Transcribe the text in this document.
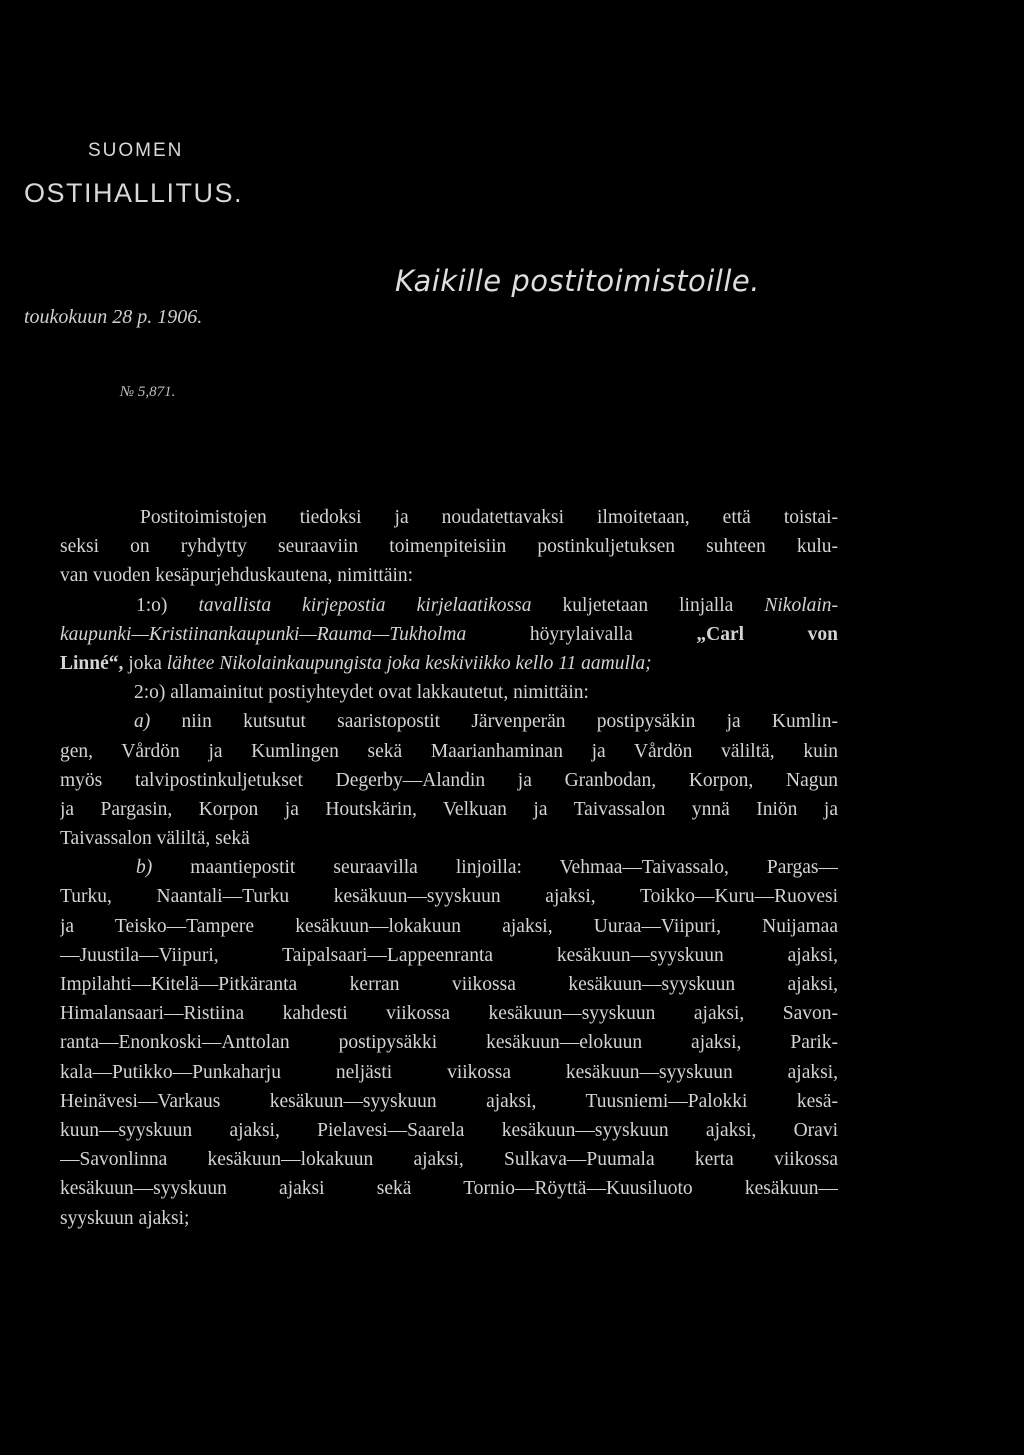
SUOMEN
OSTIHALLITUS.
Kaikille postitoimistoille.
toukokuun 28 p. 1906.
№ 5,871.
Postitoimistojen tiedoksi ja noudatettavaksi ilmoitetaan, että toistai-
seksi on ryhdytty seuraaviin toimenpiteisiin postinkuljetuksen suhteen kulu-
van vuoden kesäpurjehduskautena, nimittäin:
1:o) tavallista kirjepostia kirjelaatikossa kuljetetaan linjalla Nikolain-
kaupunki—Kristiinankaupunki—Rauma—Tukholma	höyrylaivalla	„Carl von
Linné“, joka lähtee Nikolainkaupungista joka keskiviikko kello 11 aamulla;
2:o) allamainitut postiyhteydet ovat lakkautetut, nimittäin:
a) niin kutsutut saaristopostit Järvenperän postipysäkin ja Kumlin-
gen, Vårdön ja Kumlingen sekä Maarianhaminan ja Vårdön väliltä, kuin
myös talvipostinkuljetukset Degerby—Alandin ja Granbodan, Korpon, Nagun
ja Pargasin, Korpon ja Houtskärin, Velkuan ja Taivassalon ynnä Iniön ja
Taivassalon väliltä, sekä
b) maantiepostit seuraavilla linjoilla: Vehmaa—Taivassalo, Pargas—
Turku, Naantali—Turku kesäkuun—syyskuun ajaksi, Toikko—Kuru—Ruovesi
ja Teisko—Tampere kesäkuun—lokakuun ajaksi, Uuraa—Viipuri, Nuijamaa
—Juustila—Viipuri, Taipalsaari—Lappeenranta kesäkuun—syyskuun ajaksi,
Impilahti—Kitelä—Pitkäranta kerran viikossa kesäkuun—syyskuun ajaksi,
Himalansaari—Ristiina kahdesti viikossa kesäkuun—syyskuun ajaksi, Savon-
ranta—Enonkoski—Anttolan postipysäkki kesäkuun—elokuun ajaksi, Parik-
kala—Putikko—Punkaharju neljästi viikossa kesäkuun—syyskuun ajaksi,
Heinävesi—Varkaus kesäkuun—syyskuun ajaksi, Tuusniemi—Palokki kesä-
kuun—syyskuun ajaksi, Pielavesi—Saarela kesäkuun—syyskuun ajaksi, Oravi
—Savonlinna kesäkuun—lokakuun ajaksi, Sulkava—Puumala kerta viikossa
kesäkuun—syyskuun ajaksi sekä Tornio—Röyttä—Kuusiluoto kesäkuun—
syyskuun ajaksi;
